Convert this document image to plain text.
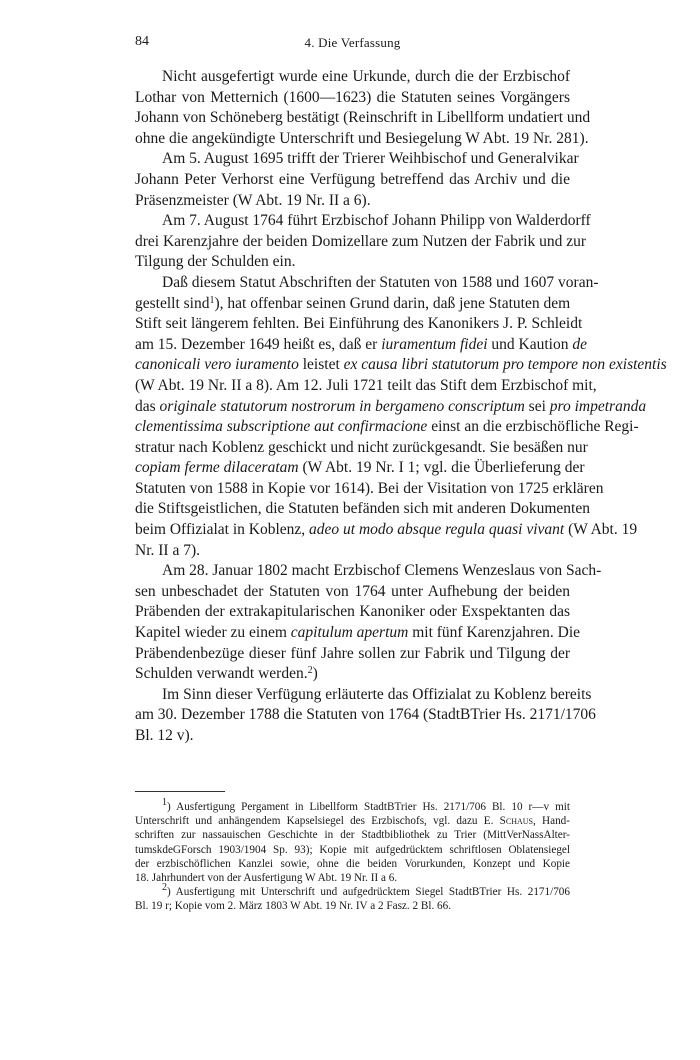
84	4. Die Verfassung
Nicht ausgefertigt wurde eine Urkunde, durch die der Erzbischof
Lothar von Metternich (1600—1623) die Statuten seines Vorgängers
Johann von Schöneberg bestätigt (Reinschrift in Libellform undatiert und
ohne die angekündigte Unterschrift und Besiegelung W Abt. 19 Nr. 281).
Am 5. August 1695 trifft der Trierer Weihbischof und Generalvikar
Johann Peter Verhorst eine Verfügung betreffend das Archiv und die
Präsenzmeister (W Abt. 19 Nr. II a 6).
Am 7. August 1764 führt Erzbischof Johann Philipp von Walderdorff
drei Karenzjahre der beiden Domizellare zum Nutzen der Fabrik und zur
Tilgung der Schulden ein.
Daß diesem Statut Abschriften der Statuten von 1588 und 1607 voran-
gestellt sind$^1$), hat offenbar seinen Grund darin, daß jene Statuten dem
Stift seit längerem fehlten. Bei Einführung des Kanonikers J. P. Schleidt
am 15. Dezember 1649 heißt es, daß er iuramentum fidei und Kaution de
canonicali vero iuramento leistet ex causa libri statutorum pro tempore non existentis
(W Abt. 19 Nr. II a 8). Am 12. Juli 1721 teilt das Stift dem Erzbischof mit,
das originale statutorum nostrorum in bergameno conscriptum sei pro impetranda
clementissima subscriptione aut confirmacione einst an die erzbischöfliche Regi-
stratur nach Koblenz geschickt und nicht zurückgesandt. Sie besäßen nur
copiam ferme dilaceratam (W Abt. 19 Nr. I 1; vgl. die Überlieferung der
Statuten von 1588 in Kopie vor 1614). Bei der Visitation von 1725 erklären
die Stiftsgeistlichen, die Statuten befänden sich mit anderen Dokumenten
beim Offizialat in Koblenz, adeo ut modo absque regula quasi vivant (W Abt. 19
Nr. II a 7).
Am 28. Januar 1802 macht Erzbischof Clemens Wenzeslaus von Sach-
sen unbeschadet der Statuten von 1764 unter Aufhebung der beiden
Präbenden der extrakapitularischen Kanoniker oder Exspektanten das
Kapitel wieder zu einem capitulum apertum mit fünf Karenzjahren. Die
Präbendenbezüge dieser fünf Jahre sollen zur Fabrik und Tilgung der
Schulden verwandt werden.$^2$)
Im Sinn dieser Verfügung erläuterte das Offizialat zu Koblenz bereits
am 30. Dezember 1788 die Statuten von 1764 (StadtBTrier Hs. 2171/1706
Bl. 12 v).
$^1$) Ausfertigung Pergament in Libellform StadtBTrier Hs. 2171/706 Bl. 10 r—v mit
Unterschrift und anhängendem Kapselsiegel des Erzbischofs, vgl. dazu E. Schaus, Hand-
schriften zur nassauischen Geschichte in der Stadtbibliothek zu Trier (MittVerNassAlter-
tumskdeGForsch 1903/1904 Sp. 93); Kopie mit aufgedrücktem schriftlosen Oblatensiegel
der erzbischöflichen Kanzlei sowie, ohne die beiden Vorurkunden, Konzept und Kopie
18. Jahrhundert von der Ausfertigung W Abt. 19 Nr. II a 6.
$^2$) Ausfertigung mit Unterschrift und aufgedrücktem Siegel StadtBTrier Hs. 2171/706
Bl. 19 r; Kopie vom 2. März 1803 W Abt. 19 Nr. IV a 2 Fasz. 2 Bl. 66.
